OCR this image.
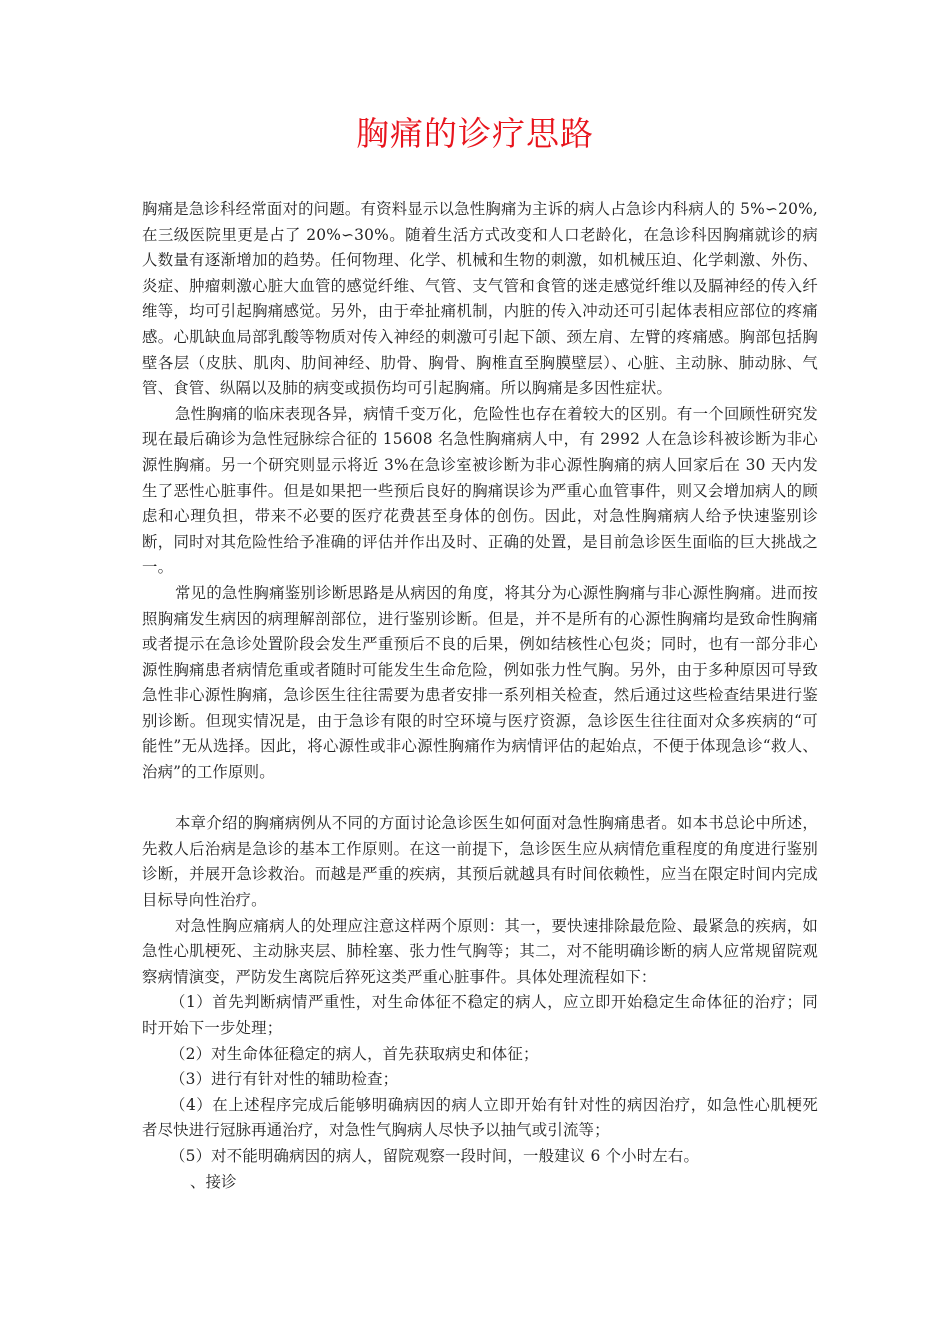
胸痛的诊疗思路

胸痛是急诊科经常面对的问题。有资料显示以急性胸痛为主诉的病人占急诊内科病人的 5%∽20%, 在三级医院里更是占了 20%∽30%。随着生活方式改变和人口老龄化，在急诊科因胸痛就诊的病人数量有逐渐增加的趋势。任何物理、化学、机械和生物的刺激，如机械压迫、化学刺激、外伤、炎症、肿瘤刺激心脏大血管的感觉纤维、气管、支气管和食管的迷走感觉纤维以及膈神经的传入纤维等，均可引起胸痛感觉。另外，由于牵扯痛机制，内脏的传入冲动还可引起体表相应部位的疼痛感。心肌缺血局部乳酸等物质对传入神经的刺激可引起下颌、颈左肩、左臂的疼痛感。胸部包括胸壁各层（皮肤、肌肉、肋间神经、肋骨、胸骨、胸椎直至胸膜壁层）、心脏、主动脉、肺动脉、气管、食管、纵隔以及肺的病变或损伤均可引起胸痛。所以胸痛是多因性症状。

急性胸痛的临床表现各异，病情千变万化，危险性也存在着较大的区别。有一个回顾性研究发现在最后确诊为急性冠脉综合征的 15608 名急性胸痛病人中，有 2992 人在急诊科被诊断为非心源性胸痛。另一个研究则显示将近 3%在急诊室被诊断为非心源性胸痛的病人回家后在 30 天内发生了恶性心脏事件。但是如果把一些预后良好的胸痛误诊为严重心血管事件，则又会增加病人的顾虑和心理负担，带来不必要的医疗花费甚至身体的创伤。因此，对急性胸痛病人给予快速鉴别诊断，同时对其危险性给予准确的评估并作出及时、正确的处置，是目前急诊医生面临的巨大挑战之一。

常见的急性胸痛鉴别诊断思路是从病因的角度，将其分为心源性胸痛与非心源性胸痛。进而按照胸痛发生病因的病理解剖部位，进行鉴别诊断。但是，并不是所有的心源性胸痛均是致命性胸痛或者提示在急诊处置阶段会发生严重预后不良的后果，例如结核性心包炎；同时，也有一部分非心源性胸痛患者病情危重或者随时可能发生生命危险，例如张力性气胸。另外，由于多种原因可导致急性非心源性胸痛，急诊医生往往需要为患者安排一系列相关检查，然后通过这些检查结果进行鉴别诊断。但现实情况是，由于急诊有限的时空环境与医疗资源，急诊医生往往面对众多疾病的“可能性”无从选择。因此，将心源性或非心源性胸痛作为病情评估的起始点，不便于体现急诊“救人、治病”的工作原则。

本章介绍的胸痛病例从不同的方面讨论急诊医生如何面对急性胸痛患者。如本书总论中所述，先救人后治病是急诊的基本工作原则。在这一前提下，急诊医生应从病情危重程度的角度进行鉴别诊断，并展开急诊救治。而越是严重的疾病，其预后就越具有时间依赖性，应当在限定时间内完成目标导向性治疗。

对急性胸应痛病人的处理应注意这样两个原则：其一，要快速排除最危险、最紧急的疾病，如急性心肌梗死、主动脉夹层、肺栓塞、张力性气胸等；其二，对不能明确诊断的病人应常规留院观察病情演变，严防发生离院后猝死这类严重心脏事件。具体处理流程如下：

（1）首先判断病情严重性，对生命体征不稳定的病人，应立即开始稳定生命体征的治疗；同时开始下一步处理；

（2）对生命体征稳定的病人，首先获取病史和体征；

（3）进行有针对性的辅助检查；

（4）在上述程序完成后能够明确病因的病人立即开始有针对性的病因治疗，如急性心肌梗死者尽快进行冠脉再通治疗，对急性气胸病人尽快予以抽气或引流等；

（5）对不能明确病因的病人，留院观察一段时间，一般建议 6 个小时左右。

、接诊
